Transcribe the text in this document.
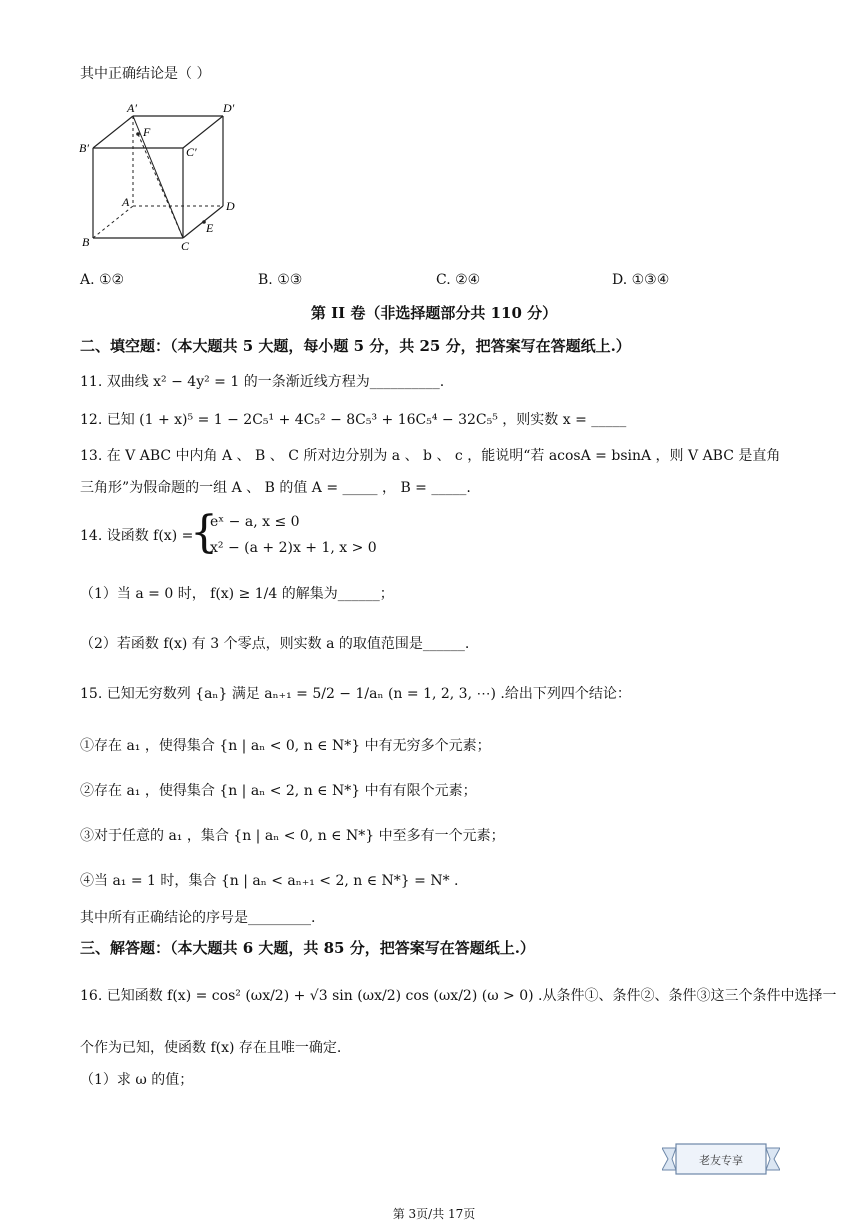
其中正确结论是（ ）
A′	D′
B′	C′
F
A	D
E
B	C
A. ①②	B. ①③	C. ②④	D. ①③④
第 II 卷（非选择题部分共 110 分）
二、填空题：（本大题共 5 大题，每小题 5 分，共 25 分，把答案写在答题纸上.）
11. 双曲线 x² − 4y² = 1 的一条渐近线方程为__________.
12. 已知 (1 + x)⁵ = 1 − 2C₅¹ + 4C₅² − 8C₅³ + 16C₅⁴ − 32C₅⁵ ，则实数 x = _____
13. 在 V ABC 中内角 A 、 B 、 C 所对边分别为 a 、 b 、 c ，能说明“若 acosA = bsinA ，则 V ABC 是直角
三角形”为假命题的一组 A 、 B 的值 A = _____ ， B = _____.
14. 设函数 f(x) =
{
eˣ − a, x ≤ 0
x² − (a + 2)x + 1, x > 0
（1）当 a = 0 时， f(x) ≥ 1/4 的解集为______；
（2）若函数 f(x) 有 3 个零点，则实数 a 的取值范围是______.
15. 已知无穷数列 {aₙ} 满足 aₙ₊₁ = 5/2 − 1/aₙ (n = 1, 2, 3, ⋯) .给出下列四个结论：
①存在 a₁ ，使得集合 {n | aₙ < 0, n ∈ N*} 中有无穷多个元素；
②存在 a₁ ，使得集合 {n | aₙ < 2, n ∈ N*} 中有有限个元素；
③对于任意的 a₁ ，集合 {n | aₙ < 0, n ∈ N*} 中至多有一个元素；
④当 a₁ = 1 时，集合 {n | aₙ < aₙ₊₁ < 2, n ∈ N*} = N* .
其中所有正确结论的序号是_________.
三、解答题：（本大题共 6 大题，共 85 分，把答案写在答题纸上.）
16. 已知函数 f(x) = cos² (ωx/2) + √3 sin (ωx/2) cos (ωx/2) (ω > 0) .从条件①、条件②、条件③这三个条件中选择一
个作为已知，使函数 f(x) 存在且唯一确定.
（1）求 ω 的值；
老友专享
第 3页/共 17页
